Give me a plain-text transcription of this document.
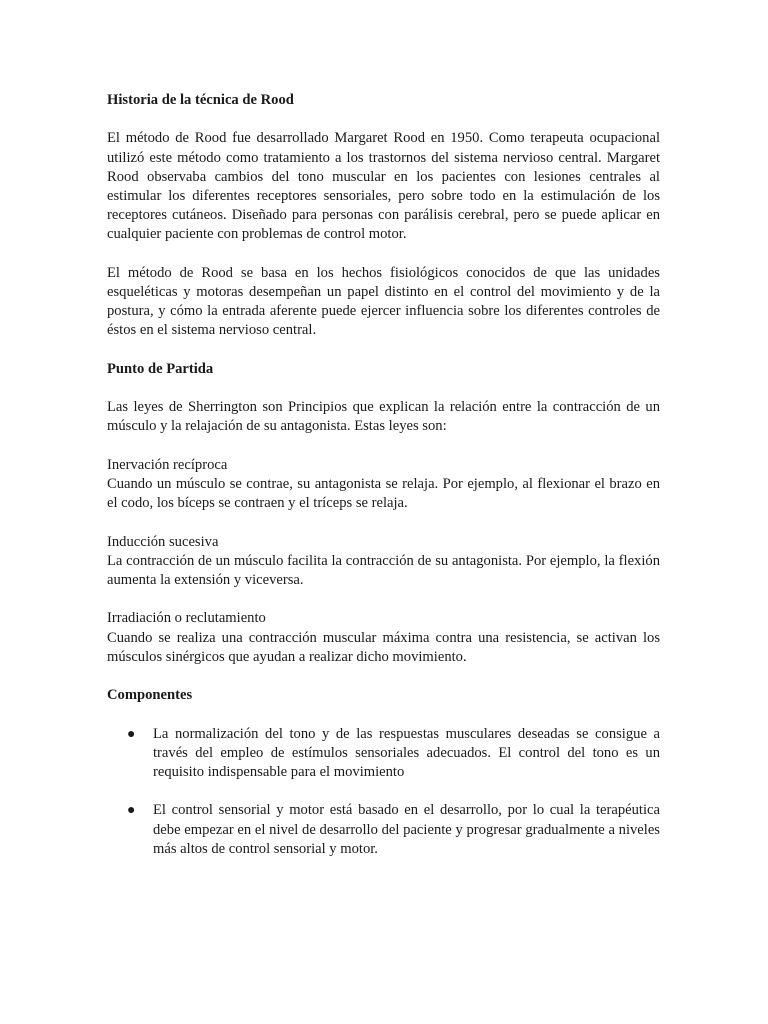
Historia de la técnica de Rood

El método de Rood fue desarrollado Margaret Rood en 1950. Como terapeuta ocupacional utilizó este método como tratamiento a los trastornos del sistema nervioso central. Margaret Rood observaba cambios del tono muscular en los pacientes con lesiones centrales al estimular los diferentes receptores sensoriales, pero sobre todo en la estimulación de los receptores cutáneos. Diseñado para personas con parálisis cerebral, pero se puede aplicar en cualquier paciente con problemas de control motor.

El método de Rood se basa en los hechos fisiológicos conocidos de que las unidades esqueléticas y motoras desempeñan un papel distinto en el control del movimiento y de la postura, y cómo la entrada aferente puede ejercer influencia sobre los diferentes controles de éstos en el sistema nervioso central.

Punto de Partida

Las leyes de Sherrington son Principios que explican la relación entre la contracción de un músculo y la relajación de su antagonista. Estas leyes son:

Inervación recíproca

Cuando un músculo se contrae, su antagonista se relaja. Por ejemplo, al flexionar el brazo en el codo, los bíceps se contraen y el tríceps se relaja.

Inducción sucesiva

La contracción de un músculo facilita la contracción de su antagonista. Por ejemplo, la flexión aumenta la extensión y viceversa.

Irradiación o reclutamiento

Cuando se realiza una contracción muscular máxima contra una resistencia, se activan los músculos sinérgicos que ayudan a realizar dicho movimiento.

Componentes

● La normalización del tono y de las respuestas musculares deseadas se consigue a través del empleo de estímulos sensoriales adecuados. El control del tono es un requisito indispensable para el movimiento
● El control sensorial y motor está basado en el desarrollo, por lo cual la terapéutica debe empezar en el nivel de desarrollo del paciente y progresar gradualmente a niveles más altos de control sensorial y motor.
